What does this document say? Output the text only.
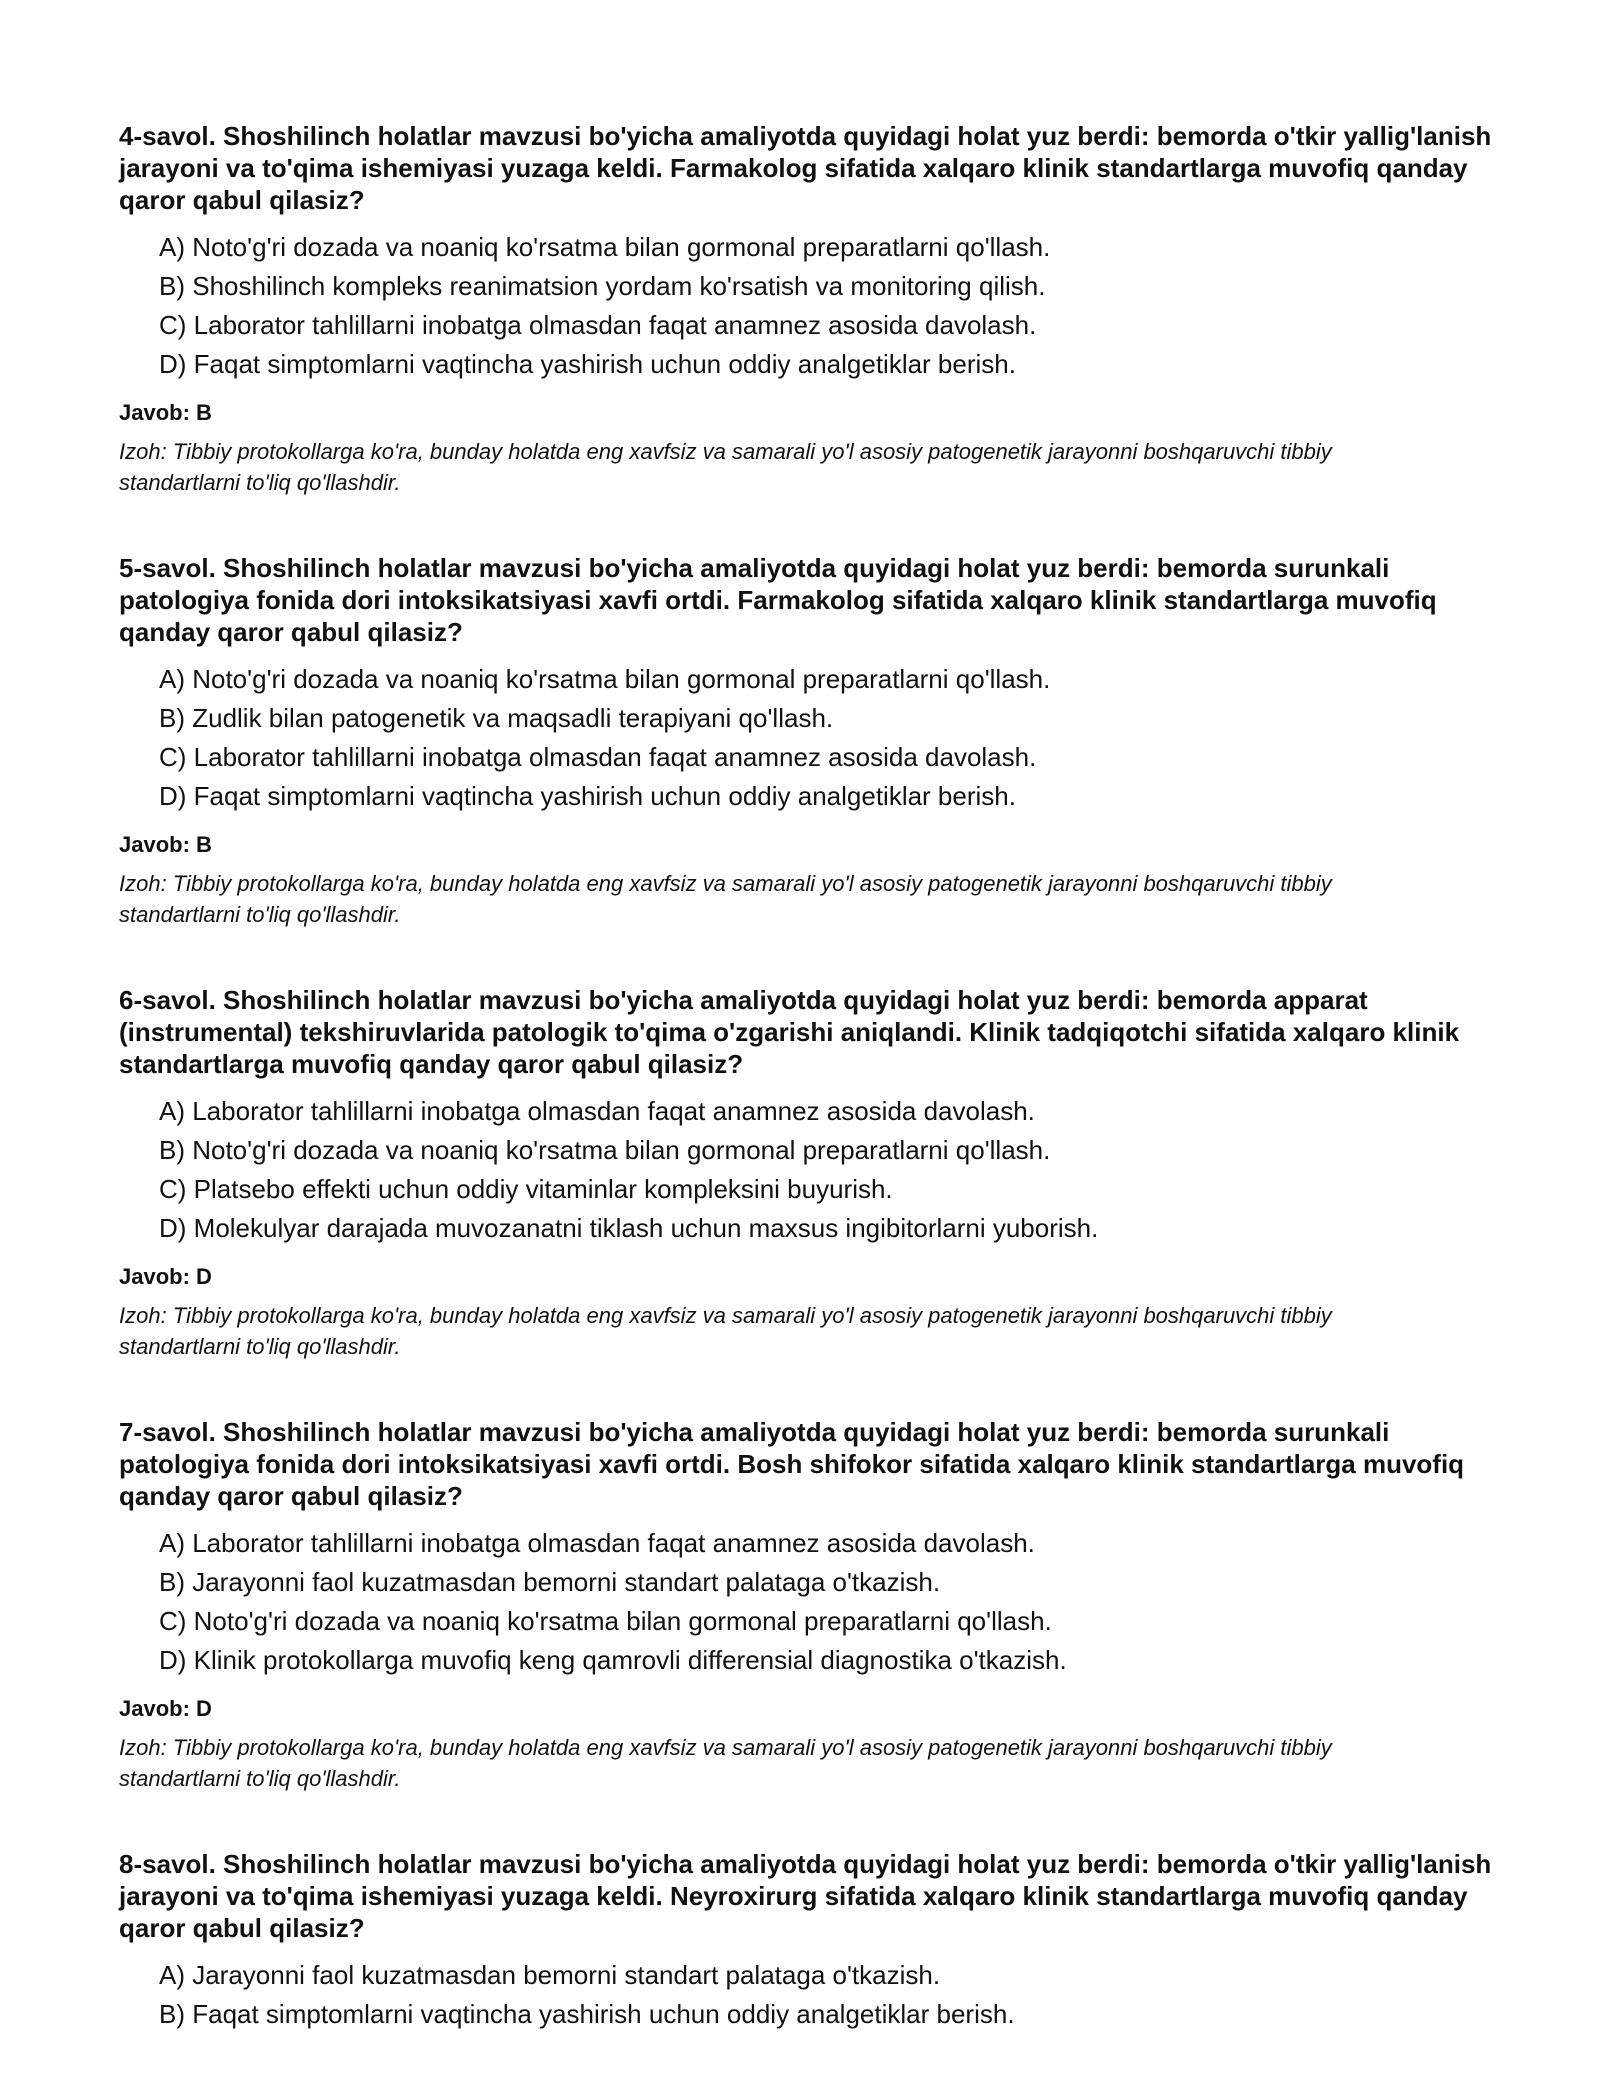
4-savol. Shoshilinch holatlar mavzusi bo'yicha amaliyotda quyidagi holat yuz berdi: bemorda o'tkir yallig'lanish jarayoni va to'qima ishemiyasi yuzaga keldi. Farmakolog sifatida xalqaro klinik standartlarga muvofiq qanday qaror qabul qilasiz?

A) Noto'g'ri dozada va noaniq ko'rsatma bilan gormonal preparatlarni qo'llash.
B) Shoshilinch kompleks reanimatsion yordam ko'rsatish va monitoring qilish.
C) Laborator tahlillarni inobatga olmasdan faqat anamnez asosida davolash.
D) Faqat simptomlarni vaqtincha yashirish uchun oddiy analgetiklar berish.

Javob: B

Izoh: Tibbiy protokollarga ko'ra, bunday holatda eng xavfsiz va samarali yo'l asosiy patogenetik jarayonni boshqaruvchi tibbiy standartlarni to'liq qo'llashdir.

5-savol. Shoshilinch holatlar mavzusi bo'yicha amaliyotda quyidagi holat yuz berdi: bemorda surunkali patologiya fonida dori intoksikatsiyasi xavfi ortdi. Farmakolog sifatida xalqaro klinik standartlarga muvofiq qanday qaror qabul qilasiz?

A) Noto'g'ri dozada va noaniq ko'rsatma bilan gormonal preparatlarni qo'llash.
B) Zudlik bilan patogenetik va maqsadli terapiyani qo'llash.
C) Laborator tahlillarni inobatga olmasdan faqat anamnez asosida davolash.
D) Faqat simptomlarni vaqtincha yashirish uchun oddiy analgetiklar berish.

Javob: B

Izoh: Tibbiy protokollarga ko'ra, bunday holatda eng xavfsiz va samarali yo'l asosiy patogenetik jarayonni boshqaruvchi tibbiy standartlarni to'liq qo'llashdir.

6-savol. Shoshilinch holatlar mavzusi bo'yicha amaliyotda quyidagi holat yuz berdi: bemorda apparat (instrumental) tekshiruvlarida patologik to'qima o'zgarishi aniqlandi. Klinik tadqiqotchi sifatida xalqaro klinik standartlarga muvofiq qanday qaror qabul qilasiz?

A) Laborator tahlillarni inobatga olmasdan faqat anamnez asosida davolash.
B) Noto'g'ri dozada va noaniq ko'rsatma bilan gormonal preparatlarni qo'llash.
C) Platsebo effekti uchun oddiy vitaminlar kompleksini buyurish.
D) Molekulyar darajada muvozanatni tiklash uchun maxsus ingibitorlarni yuborish.

Javob: D

Izoh: Tibbiy protokollarga ko'ra, bunday holatda eng xavfsiz va samarali yo'l asosiy patogenetik jarayonni boshqaruvchi tibbiy standartlarni to'liq qo'llashdir.

7-savol. Shoshilinch holatlar mavzusi bo'yicha amaliyotda quyidagi holat yuz berdi: bemorda surunkali patologiya fonida dori intoksikatsiyasi xavfi ortdi. Bosh shifokor sifatida xalqaro klinik standartlarga muvofiq qanday qaror qabul qilasiz?

A) Laborator tahlillarni inobatga olmasdan faqat anamnez asosida davolash.
B) Jarayonni faol kuzatmasdan bemorni standart palataga o'tkazish.
C) Noto'g'ri dozada va noaniq ko'rsatma bilan gormonal preparatlarni qo'llash.
D) Klinik protokollarga muvofiq keng qamrovli differensial diagnostika o'tkazish.

Javob: D

Izoh: Tibbiy protokollarga ko'ra, bunday holatda eng xavfsiz va samarali yo'l asosiy patogenetik jarayonni boshqaruvchi tibbiy standartlarni to'liq qo'llashdir.

8-savol. Shoshilinch holatlar mavzusi bo'yicha amaliyotda quyidagi holat yuz berdi: bemorda o'tkir yallig'lanish jarayoni va to'qima ishemiyasi yuzaga keldi. Neyroxirurg sifatida xalqaro klinik standartlarga muvofiq qanday qaror qabul qilasiz?

A) Jarayonni faol kuzatmasdan bemorni standart palataga o'tkazish.
B) Faqat simptomlarni vaqtincha yashirish uchun oddiy analgetiklar berish.
